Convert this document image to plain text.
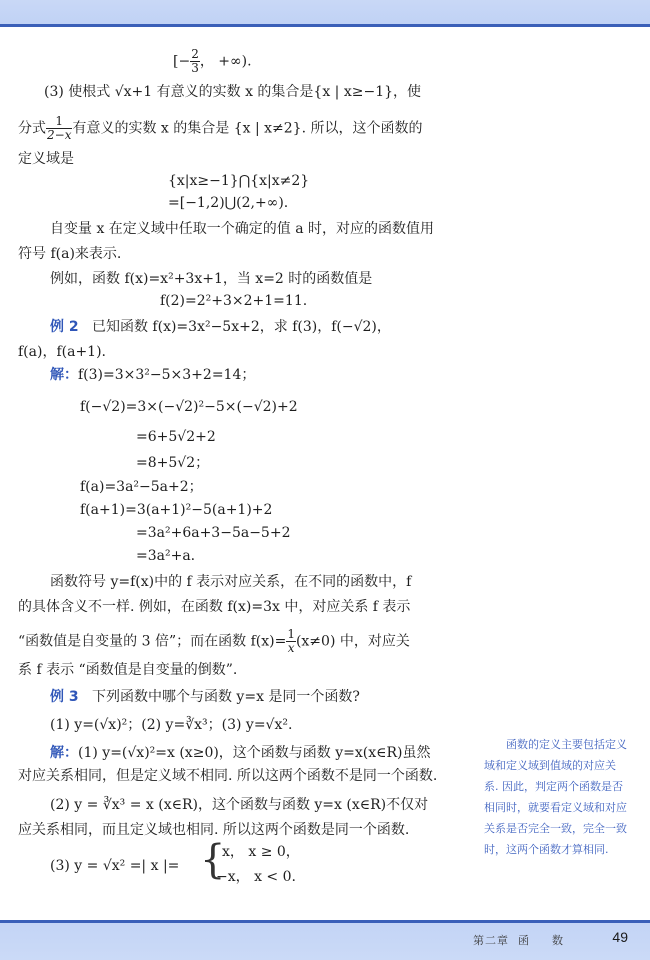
[− $\frac{2}{3}$ ， +∞).
(3) 使根式 √x+1 有意义的实数 x 的集合是{x | x≥−1}，使
分式 $\frac{1}{2-x}$ 有意义的实数 x 的集合是 {x | x≠2}. 所以，这个函数的
定义域是
{x|x≥−1}⋂{x|x≠2}
=[−1,2)⋃(2,+∞).
自变量 x 在定义域中任取一个确定的值 a 时，对应的函数值用
符号 f(a)来表示.
例如，函数 f(x)=x²+3x+1，当 x=2 时的函数值是
f(2)=2²+3×2+1=11.
例 2 已知函数 f(x)=3x²−5x+2，求 f(3)，f(−√2)，
f(a)，f(a+1).
解：f(3)=3×3²−5×3+2=14；
f(−√2)=3×(−√2)²−5×(−√2)+2
=6+5√2+2
=8+5√2；
f(a)=3a²−5a+2；
f(a+1)=3(a+1)²−5(a+1)+2
=3a²+6a+3−5a−5+2
=3a²+a.
函数符号 y=f(x)中的 f 表示对应关系，在不同的函数中，f
的具体含义不一样. 例如，在函数 f(x)=3x 中，对应关系 f 表示
“函数值是自变量的 3 倍”；而在函数 $f(x)= \frac{1}{x} (x\ne 0)$ 中，对应关
系 f 表示 “函数值是自变量的倒数”.
例 3 下列函数中哪个与函数 y=x 是同一个函数?
(1) y=(√x)²；(2) y=∛x³；(3) y=√x².
解：(1) y=(√x)²=x (x≥0)，这个函数与函数 y=x(x∈R)虽然
对应关系相同，但是定义域不相同. 所以这两个函数不是同一个函数.
(2) y = ∛x³ = x (x∈R)，这个函数与函数 y=x (x∈R)不仅对
应关系相同，而且定义域也相同. 所以这两个函数是同一个函数.
(3) y = √x² =| x |= {
x， x ≥ 0，
−x， x < 0.

　　函数的定义主要包括定义

域和定义域到值域的对应关

系. 因此，判定两个函数是否

相同时，就要看定义域和对应

关系是否完全一致，完全一致

时，这两个函数才算相同.

第二章 函 数	49
